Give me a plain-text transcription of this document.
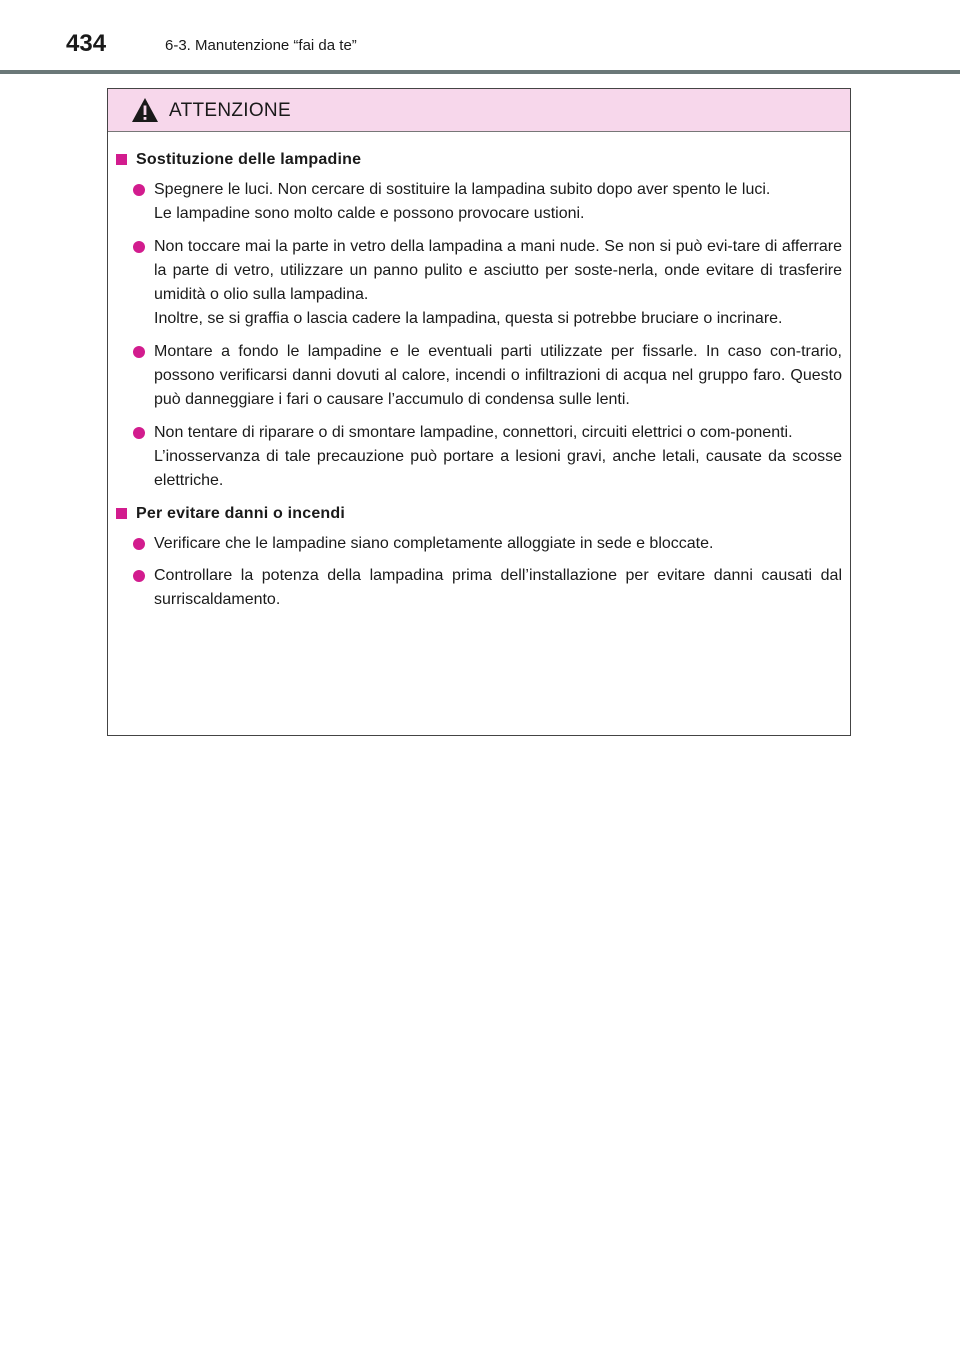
434	6-3. Manutenzione “fai da te”
ATTENZIONE
Sostituzione delle lampadine

Spegnere le luci. Non cercare di sostituire la lampadina subito dopo aver spento le luci.

Le lampadine sono molto calde e possono provocare ustioni.

Non toccare mai la parte in vetro della lampadina a mani nude. Se non si può evi-tare di afferrare la parte di vetro, utilizzare un panno pulito e asciutto per soste-nerla, onde evitare di trasferire umidità o olio sulla lampadina.

Inoltre, se si graffia o lascia cadere la lampadina, questa si potrebbe bruciare o incrinare.

Montare a fondo le lampadine e le eventuali parti utilizzate per fissarle. In caso con-trario, possono verificarsi danni dovuti al calore, incendi o infiltrazioni di acqua nel gruppo faro. Questo può danneggiare i fari o causare l’accumulo di condensa sulle lenti.

Non tentare di riparare o di smontare lampadine, connettori, circuiti elettrici o com-ponenti.

L’inosservanza di tale precauzione può portare a lesioni gravi, anche letali, causate da scosse elettriche.

Per evitare danni o incendi

Verificare che le lampadine siano completamente alloggiate in sede e bloccate.

Controllare la potenza della lampadina prima dell’installazione per evitare danni causati dal surriscaldamento.
